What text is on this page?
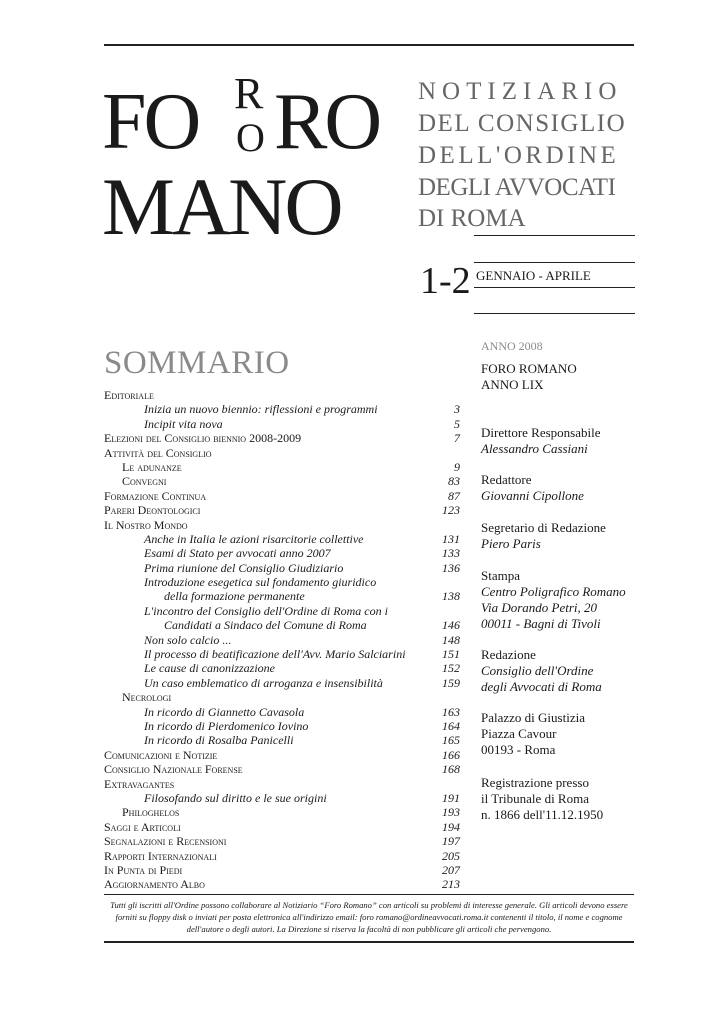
FO R
O RO
MANO
NOTIZIARIO
DEL CONSIGLIO
DELL'ORDINE
DEGLI AVVOCATI
DI ROMA
1-2 GENNAIO - APRILE
SOMMARIO
Editoriale
Inizia un nuovo biennio: riflessioni e programmi	3
Incipit vita nova	5
Elezioni del Consiglio biennio 2008-2009	7
Attività del Consiglio
Le adunanze	9
Convegni	83
Formazione Continua	87
Pareri Deontologici	123
Il Nostro Mondo
Anche in Italia le azioni risarcitorie collettive	131
Esami di Stato per avvocati anno 2007	133
Prima riunione del Consiglio Giudiziario	136
Introduzione esegetica sul fondamento giuridico
della formazione permanente	138
L'incontro del Consiglio dell'Ordine di Roma con i
Candidati a Sindaco del Comune di Roma	146
Non solo calcio ...	148
Il processo di beatificazione dell'Avv. Mario Salciarini	151
Le cause di canonizzazione	152
Un caso emblematico di arroganza e insensibilità	159
Necrologi
In ricordo di Giannetto Cavasola	163
In ricordo di Pierdomenico Iovino	164
In ricordo di Rosalba Panicelli	165
Comunicazioni e Notizie	166
Consiglio Nazionale Forense	168
Extravagantes
Filosofando sul diritto e le sue origini	191
Philoghelos	193
Saggi e Articoli	194
Segnalazioni e Recensioni	197
Rapporti Internazionali	205
In Punta di Piedi	207
Aggiornamento Albo	213
ANNO 2008
FORO ROMANO
ANNO LIX
Direttore Responsabile
Alessandro Cassiani
Redattore
Giovanni Cipollone
Segretario di Redazione
Piero Paris
Stampa
Centro Poligrafico Romano
Via Dorando Petri, 20
00011 - Bagni di Tivoli
Redazione
Consiglio dell'Ordine
degli Avvocati di Roma
Palazzo di Giustizia
Piazza Cavour
00193 - Roma
Registrazione presso
il Tribunale di Roma
n. 1866 dell'11.12.1950
Tutti gli iscritti all'Ordine possono collaborare al Notiziario “Foro Romano” con articoli su problemi di interesse generale. Gli articoli devono essere forniti su floppy disk o inviati per posta elettronica all'indirizzo email: foro romano@ordineavvocati.roma.it contenenti il titolo, il nome e cognome dell'autore o degli autori. La Direzione si riserva la facoltà di non pubblicare gli articoli che pervengono.
